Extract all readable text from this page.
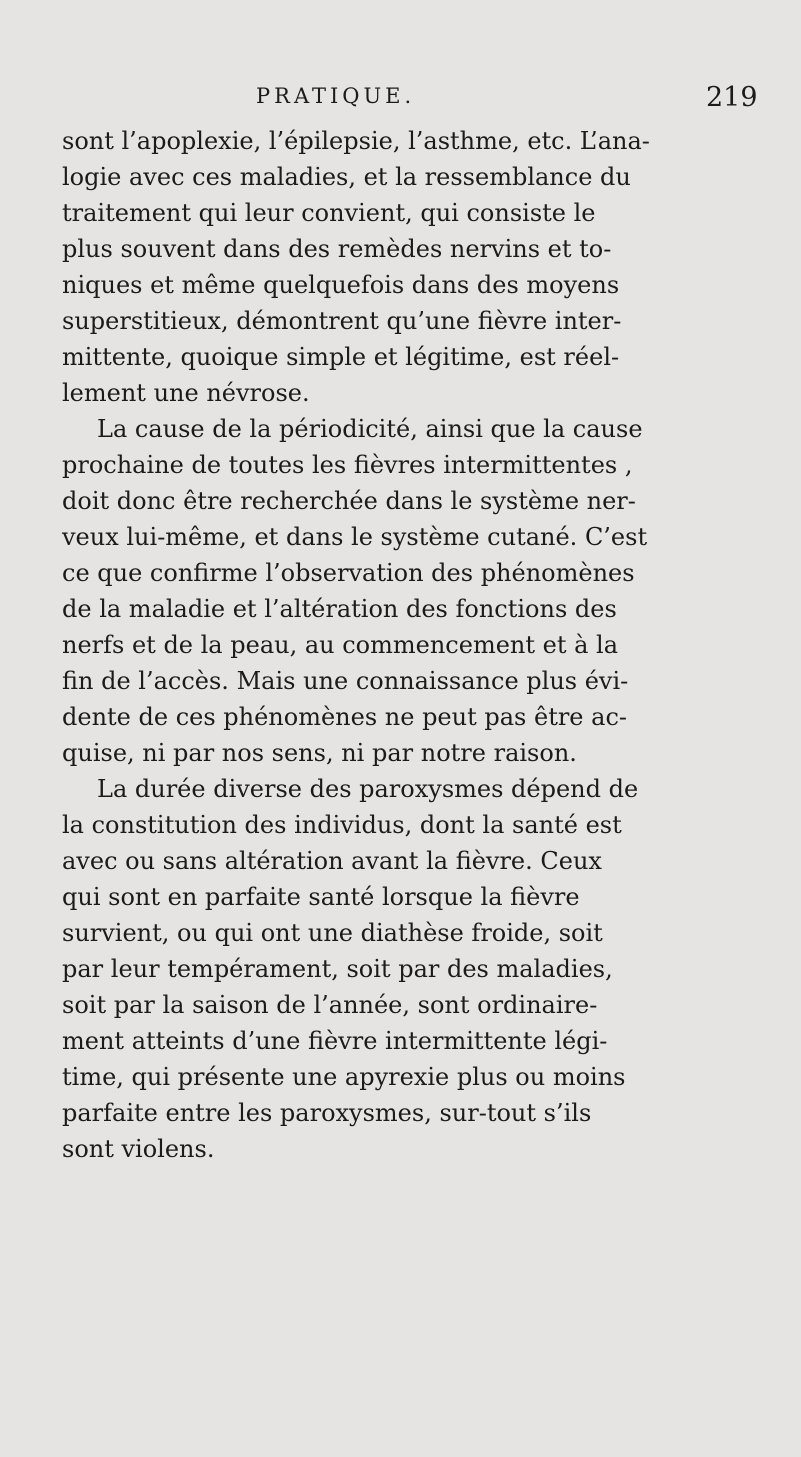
PRATIQUE.	219
sont l’apoplexie, l’épilepsie, l’asthme, etc. L’ana-
logie avec ces maladies, et la ressemblance du
traitement qui leur convient, qui consiste le
plus souvent dans des remèdes nervins et to-
niques et même quelquefois dans des moyens
superstitieux, démontrent qu’une fièvre inter-
mittente, quoique simple et légitime, est réel-
lement une névrose.
La cause de la périodicité, ainsi que la cause
prochaine de toutes les fièvres intermittentes ,
doit donc être recherchée dans le système ner-
veux lui-même, et dans le système cutané. C’est
ce que confirme l’observation des phénomènes
de la maladie et l’altération des fonctions des
nerfs et de la peau, au commencement et à la
fin de l’accès. Mais une connaissance plus évi-
dente de ces phénomènes ne peut pas être ac-
quise, ni par nos sens, ni par notre raison.
La durée diverse des paroxysmes dépend de
la constitution des individus, dont la santé est
avec ou sans altération avant la fièvre. Ceux
qui sont en parfaite santé lorsque la fièvre
survient, ou qui ont une diathèse froide, soit
par leur tempérament, soit par des maladies,
soit par la saison de l’année, sont ordinaire-
ment atteints d’une fièvre intermittente légi-
time, qui présente une apyrexie plus ou moins
parfaite entre les paroxysmes, sur-tout s’ils
sont violens.
